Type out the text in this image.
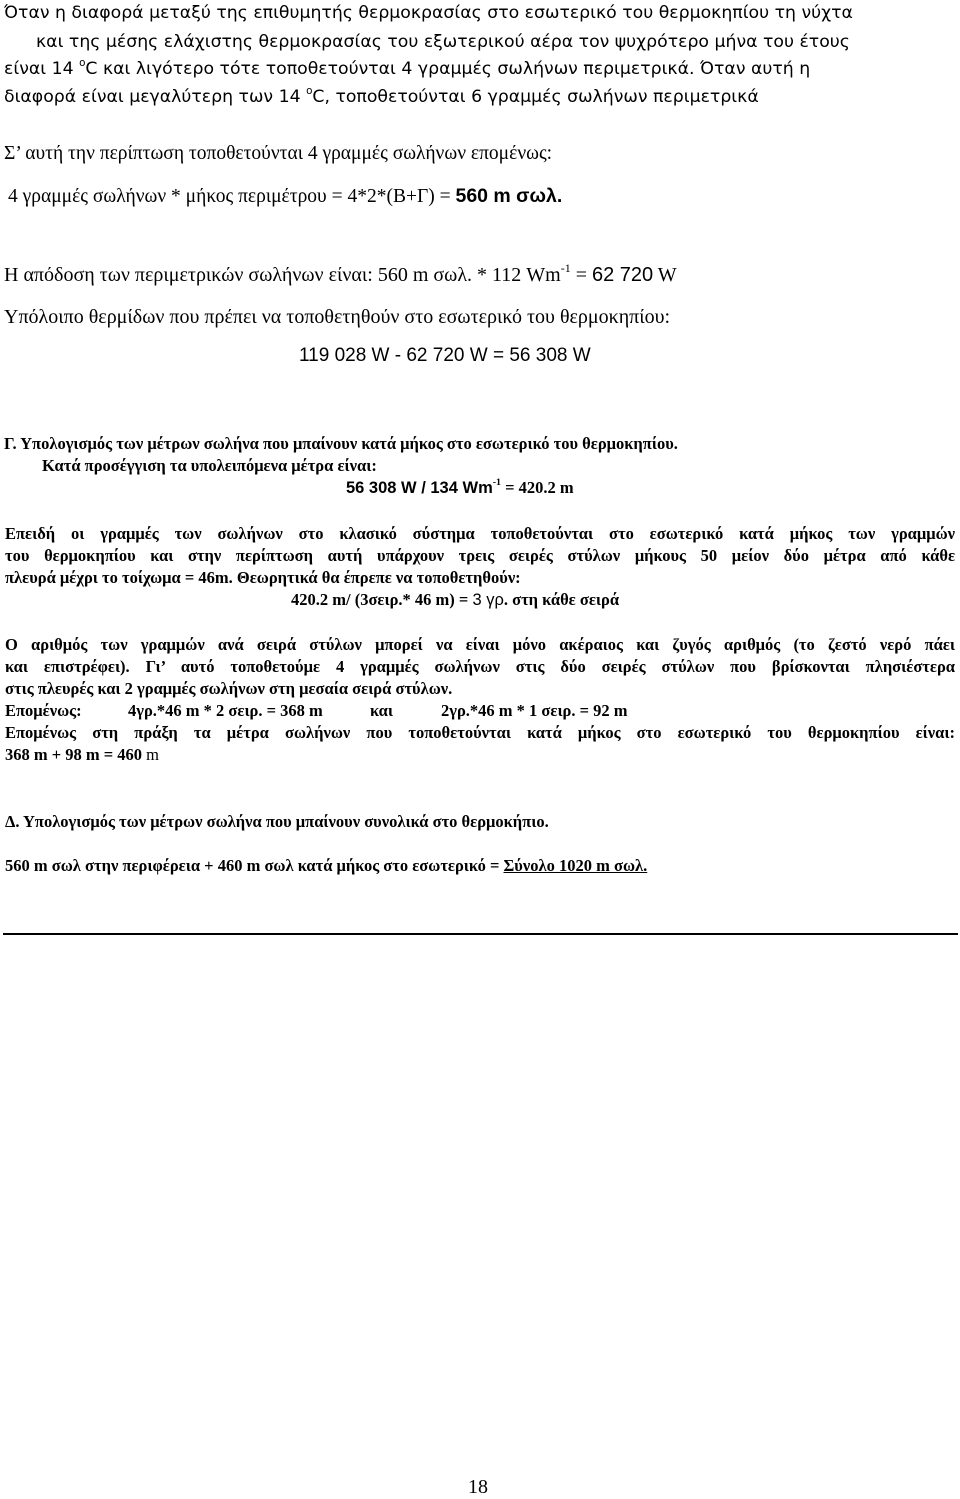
Όταν η διαφορά μεταξύ της επιθυμητής θερμοκρασίας στο εσωτερικό του θερμοκηπίου τη νύχτα
και της μέσης ελάχιστης θερμοκρασίας του εξωτερικού αέρα τον ψυχρότερο μήνα του έτους
είναι 14 $^o$C και λιγότερο τότε τοποθετούνται 4 γραμμές σωλήνων περιμετρικά. Όταν αυτή η
διαφορά είναι μεγαλύτερη των 14 $^o$C, τοποθετούνται 6 γραμμές σωλήνων περιμετρικά
Σ’ αυτή την περίπτωση τοποθετούνται 4 γραμμές σωλήνων επομένως:
4 γραμμές σωλήνων * μήκος περιμέτρου = 4*2*(Β+Γ) = 560 m σωλ.
Η απόδοση των περιμετρικών σωλήνων είναι: 560 m σωλ. * 112 $Wm^{-1} = 62$ 720 W
Υπόλοιπο θερμίδων που πρέπει να τοποθετηθούν στο εσωτερικό του θερμοκηπίου:
119 028 W - 62 720 W = 56 308 W
Γ. Υπολογισμός των μέτρων σωλήνα που μπαίνουν κατά μήκος στο εσωτερικό του θερμοκηπίου.
Κατά προσέγγιση τα υπολειπόμενα μέτρα είναι:
56 308 W / 134 $Wm^{-1} = 420.2$ m
Επειδή οι γραμμές των σωλήνων στο κλασικό σύστημα τοποθετούνται στο εσωτερικό κατά μήκος των γραμμών
του θερμοκηπίου και στην περίπτωση αυτή υπάρχουν τρεις σειρές στύλων μήκους 50 μείον δύο μέτρα από κάθε
πλευρά μέχρι το τοίχωμα = 46m. Θεωρητικά θα έπρεπε να τοποθετηθούν:
420.2 m/ (3σειρ.* 46 m) = 3 γρ. στη κάθε σειρά
Ο αριθμός των γραμμών ανά σειρά στύλων μπορεί να είναι μόνο ακέραιος και ζυγός αριθμός (το ζεστό νερό πάει
και επιστρέφει). Γι’ αυτό τοποθετούμε 4 γραμμές σωλήνων στις δύο σειρές στύλων που βρίσκονται πλησιέστερα
στις πλευρές και 2 γραμμές σωλήνων στη μεσαία σειρά στύλων.
Επομένως:	4γρ.*46 m * 2 σειρ. = 368 m	και	2γρ.*46 m * 1 σειρ. = 92 m
Επομένως στη πράξη τα μέτρα σωλήνων που τοποθετούνται κατά μήκος στο εσωτερικό του θερμοκηπίου είναι:
368 m + 98 m = 460 m
Δ. Υπολογισμός των μέτρων σωλήνα που μπαίνουν συνολικά στο θερμοκήπιο.
560 m σωλ στην περιφέρεια + 460 m σωλ κατά μήκος στο εσωτερικό = Σύνολο 1020 m σωλ.
18
